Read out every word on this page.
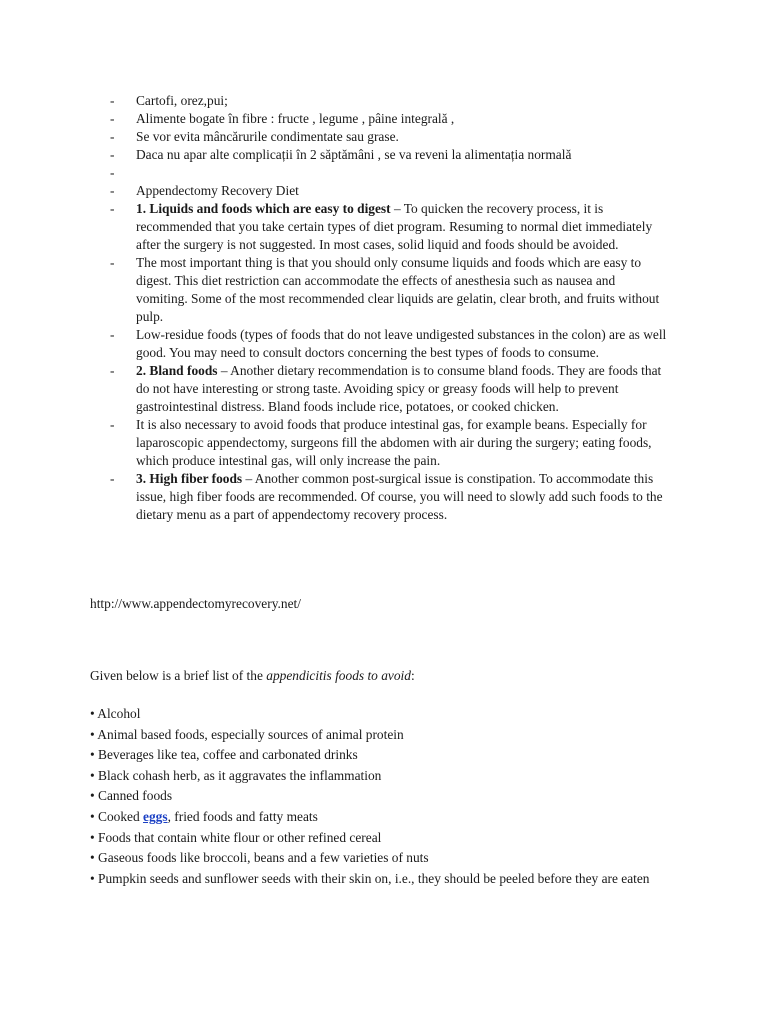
- Cartofi, orez,pui;
- Alimente bogate în fibre : fructe , legume , pâine integrală ,
- Se vor evita mâncărurile condimentate sau grase.
- Daca nu apar alte complicații în 2 săptămâni , se va reveni la alimentația normală
-
- Appendectomy Recovery Diet
- 1. Liquids and foods which are easy to digest – To quicken the recovery process, it is recommended that you take certain types of diet program. Resuming to normal diet immediately after the surgery is not suggested. In most cases, solid liquid and foods should be avoided.
- The most important thing is that you should only consume liquids and foods which are easy to digest. This diet restriction can accommodate the effects of anesthesia such as nausea and vomiting. Some of the most recommended clear liquids are gelatin, clear broth, and fruits without pulp.
- Low-residue foods (types of foods that do not leave undigested substances in the colon) are as well good. You may need to consult doctors concerning the best types of foods to consume.
- 2. Bland foods – Another dietary recommendation is to consume bland foods. They are foods that do not have interesting or strong taste. Avoiding spicy or greasy foods will help to prevent gastrointestinal distress. Bland foods include rice, potatoes, or cooked chicken.
- It is also necessary to avoid foods that produce intestinal gas, for example beans. Especially for laparoscopic appendectomy, surgeons fill the abdomen with air during the surgery; eating foods, which produce intestinal gas, will only increase the pain.
- 3. High fiber foods – Another common post-surgical issue is constipation. To accommodate this issue, high fiber foods are recommended. Of course, you will need to slowly add such foods to the dietary menu as a part of appendectomy recovery process.
http://www.appendectomyrecovery.net/
Given below is a brief list of the appendicitis foods to avoid:
• Alcohol
• Animal based foods, especially sources of animal protein
• Beverages like tea, coffee and carbonated drinks
• Black cohash herb, as it aggravates the inflammation
• Canned foods
• Cooked eggs, fried foods and fatty meats
• Foods that contain white flour or other refined cereal
• Gaseous foods like broccoli, beans and a few varieties of nuts
• Pumpkin seeds and sunflower seeds with their skin on, i.e., they should be peeled before they are eaten
